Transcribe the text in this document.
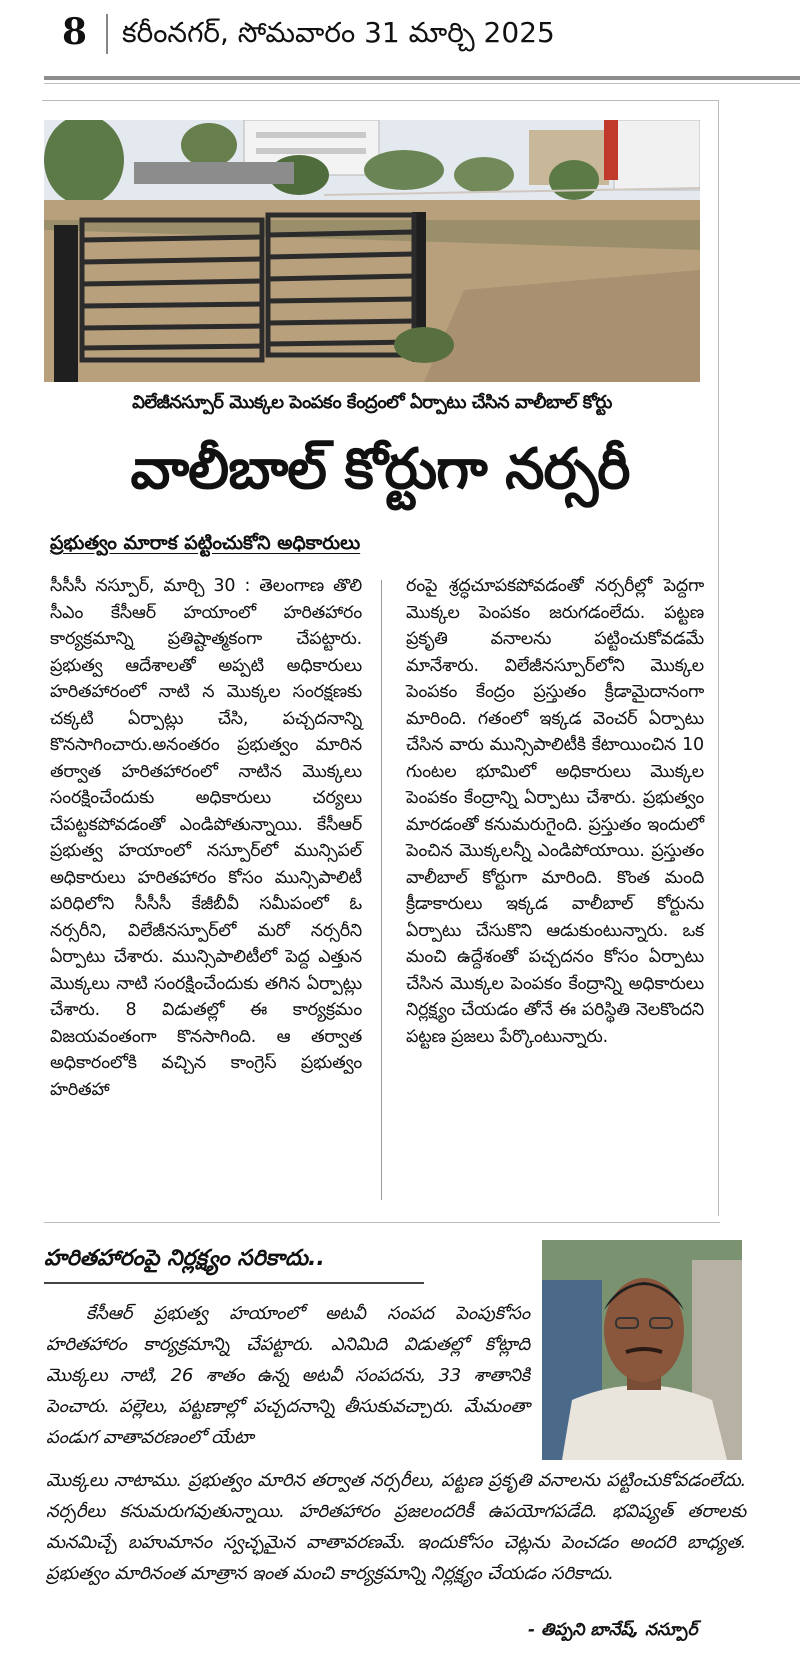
8 కరీంనగర్, సోమవారం 31 మార్చి 2025
విలేజీనస్పూర్ మొక్కల పెంపకం కేంద్రంలో ఏర్పాటు చేసిన వాలీబాల్ కోర్టు
వాలీబాల్ కోర్టుగా నర్సరీ
ప్రభుత్వం మారాక పట్టించుకోని అధికారులు
సీసీసీ నస్పూర్, మార్చి 30 : తెలంగాణ తొలి సీఎం కేసీఆర్ హయాంలో హరితహారం కార్యక్రమాన్ని ప్రతిష్టాత్మకంగా చేపట్టారు. ప్రభుత్వ ఆదేశాలతో అప్పటి అధికారులు హరితహారంలో నాటి న మొక్కల సంరక్షణకు చక్కటి ఏర్పాట్లు చేసి, పచ్చదనాన్ని కొనసాగించారు.అనంతరం ప్రభుత్వం మారిన తర్వాత హరితహారంలో నాటిన మొక్కలు సంరక్షించేందుకు అధికారులు చర్యలు చేపట్టకపోవడంతో ఎండిపోతున్నాయి. కేసీఆర్ ప్రభుత్వ హయాంలో నస్పూర్‌లో మున్సిపల్ అధికారులు హరితహారం కోసం మున్సిపాలిటీ పరిధిలోని సీసీసీ కేజీబీవీ సమీపంలో ఓ నర్సరీని, విలేజీనస్పూర్‌లో మరో నర్సరీని ఏర్పాటు చేశారు. మున్సిపాలిటీలో పెద్ద ఎత్తున మొక్కలు నాటి సంరక్షించేందుకు తగిన ఏర్పాట్లు చేశారు. 8 విడుతల్లో ఈ కార్యక్రమం విజయవంతంగా కొనసాగింది. ఆ తర్వాత అధికారంలోకి వచ్చిన కాంగ్రెస్ ప్రభుత్వం హరితహా
రంపై శ్రద్ధచూపకపోవడంతో నర్సరీల్లో పెద్దగా మొక్కల పెంపకం జరుగడంలేదు. పట్టణ ప్రకృతి వనాలను పట్టించుకోవడమే మానేశారు. విలేజీనస్పూర్‌లోని మొక్కల పెంపకం కేంద్రం ప్రస్తుతం క్రీడామైదానంగా మారింది. గతంలో ఇక్కడ వెంచర్ ఏర్పాటు చేసిన వారు మున్సిపాలిటీకి కేటాయించిన 10 గుంటల భూమిలో అధికారులు మొక్కల పెంపకం కేంద్రాన్ని ఏర్పాటు చేశారు. ప్రభుత్వం మారడంతో కనుమరుగైంది. ప్రస్తుతం ఇందులో పెంచిన మొక్కలన్నీ ఎండిపోయాయి. ప్రస్తుతం వాలీబాల్ కోర్టుగా మారింది. కొంత మంది క్రీడాకారులు ఇక్కడ వాలీబాల్ కోర్టును ఏర్పాటు చేసుకొని ఆడుకుంటున్నారు. ఒక మంచి ఉద్దేశంతో పచ్చదనం కోసం ఏర్పాటు చేసిన మొక్కల పెంపకం కేంద్రాన్ని అధికారులు నిర్లక్ష్యం చేయడం తోనే ఈ పరిస్థితి నెలకొందని పట్టణ ప్రజలు పేర్కొంటున్నారు.
హరితహారంపై నిర్లక్ష్యం సరికాదు..
కేసీఆర్ ప్రభుత్వ హయాంలో అటవీ సంపద పెంపుకోసం హరితహారం కార్యక్రమాన్ని చేపట్టారు. ఎనిమిది విడుతల్లో కోట్లాది మొక్కలు నాటి, 26 శాతం ఉన్న అటవీ సంపదను, 33 శాతానికి పెంచారు. పల్లెలు, పట్టణాల్లో పచ్చదనాన్ని తీసుకువచ్చారు. మేమంతా పండుగ వాతావరణంలో యేటా
మొక్కలు నాటాము. ప్రభుత్వం మారిన తర్వాత నర్సరీలు, పట్టణ ప్రకృతి వనాలను పట్టించుకోవడంలేదు. నర్సరీలు కనుమరుగవుతున్నాయి. హరితహారం ప్రజలందరికీ ఉపయోగపడేది. భవిష్యత్ తరాలకు మనమిచ్చే బహుమానం స్వచ్ఛమైన వాతావరణమే. ఇందుకోసం చెట్లను పెంచడం అందరి బాధ్యత. ప్రభుత్వం మారినంత మాత్రాన ఇంత మంచి కార్యక్రమాన్ని నిర్లక్ష్యం చేయడం సరికాదు.
- తిప్పని బానేష్, నస్పూర్
